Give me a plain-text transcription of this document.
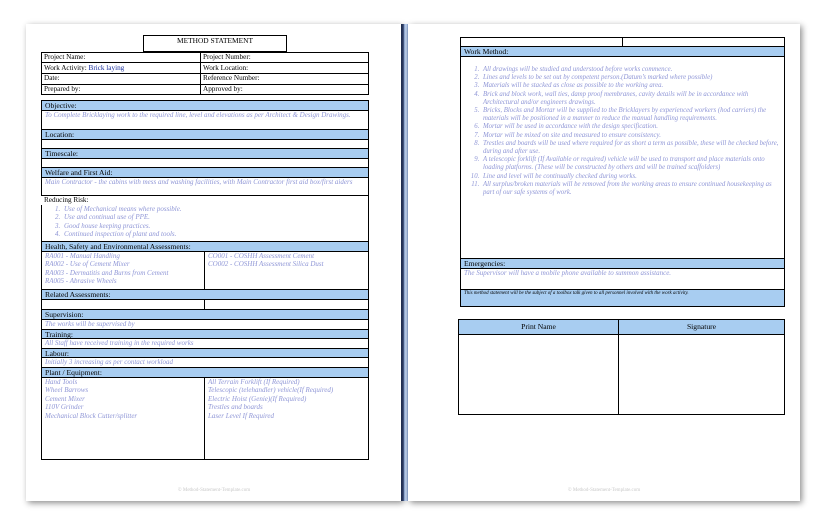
METHOD STATEMENT
Project Name:	Project Number:
Work Activity: Brick laying	Work Location:
Date:	Reference Number:
Prepared by:	Approved by:
Objective:
To Complete Bricklaying work to the required line, level and elevations as per Architect & Design Drawings.
Location:
Timescale:
Welfare and First Aid:
Main Contractor - the cabins with mess and washing facilities, with Main Contractor first aid box/first aiders
Reducing Risk:
1. Use of Mechanical means where possible.
2. Use and continual use of PPE.
3. Good house keeping practices.
4. Continued inspection of plant and tools.
Health, Safety and Environmental Assessments:
RA001 - Manual Handling
RA002 - Use of Cement Mixer
RA003 - Dermatitis and Burns from Cement
RA005 - Abrasive Wheels
CO001 - COSHH Assessment Cement
CO002 - COSHH Assessment Silica Dust
Related Assessments:
Supervision:
The works will be supervised by
Training:
All Staff have received training in the required works
Labour:
Initially 3 increasing as per contact workload
Plant / Equipment:
Hand Tools
Wheel Barrows
Cement Mixer
110V Grinder
Mechanical Block Cutter/splitter
All Terrain Forklift (If Required)
Telescopic (telehandler) vehicle(If Required)
Electric Hoist (Genie)(If Required)
Trestles and boards
Laser Level If Required
© Method-Statement-Template.com
Work Method:
1. All drawings will be studied and understood before works commence.
2. Lines and levels to be set out by competent person.(Datum’s marked where possible)
3. Materials will be stacked as close as possible to the working area.
4. Brick and block work, wall ties, damp proof membranes, cavity details will be in accordance with Architectural and/or engineers drawings.
5. Bricks, Blocks and Mortar will be supplied to the Bricklayers by experienced workers (hod carriers) the materials will be positioned in a manner to reduce the manual handling requirements.
6. Mortar will be used in accordance with the design specification.
7. Mortar will be mixed on site and measured to ensure consistency.
8. Trestles and boards will be used where required for as short a term as possible, these will be checked before, during and after use.
9. A telescopic forklift (If Available or required) vehicle will be used to transport and place materials onto loading platforms. (These will be constructed by others and will be trained scaffolders)
10. Line and level will be continually checked during works.
11. All surplus/broken materials will be removed from the working areas to ensure continued housekeeping as part of our safe systems of work.
Emergencies:
The Supervisor will have a mobile phone available to summon assistance.
This method statement will be the subject of a toolbox talk given to all personnel involved with the work activity.
Print Name	Signature
© Method-Statement-Template.com
